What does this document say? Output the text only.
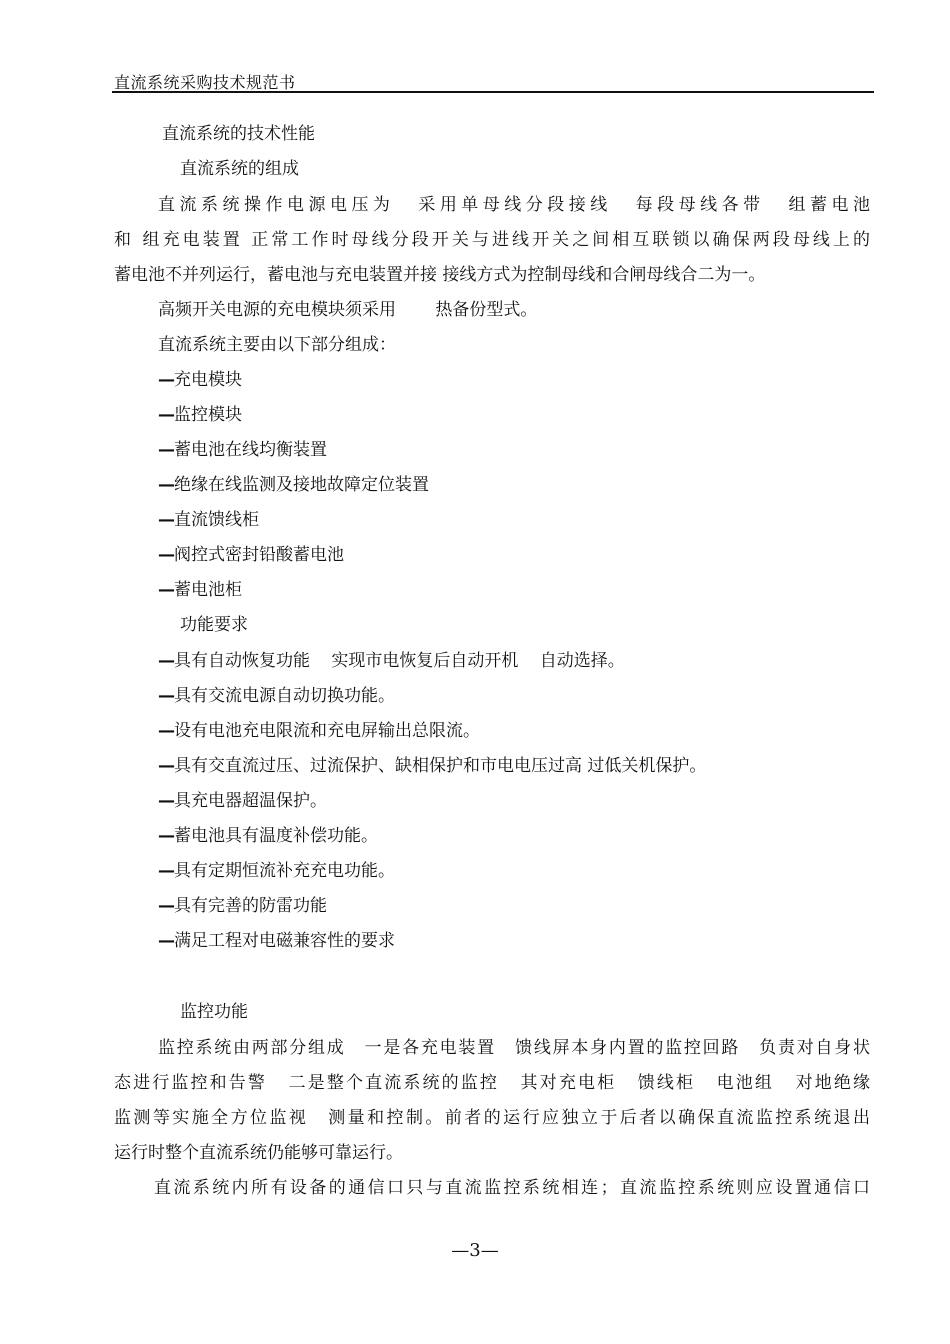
直流系统采购技术规范书
直流系统的技术性能
直流系统的组成
直流系统操作电源电压为 采用单母线分段接线 每段母线各带 组蓄电池
和 组充电装置 正常工作时母线分段开关与进线开关之间相互联锁以确保两段母线上的
蓄电池不并列运行，蓄电池与充电装置并接 接线方式为控制母线和合闸母线合二为一。
高频开关电源的充电模块须采用 热备份型式。
直流系统主要由以下部分组成：
—充电模块
—监控模块
—蓄电池在线均衡装置
—绝缘在线监测及接地故障定位装置
—直流馈线柜
—阀控式密封铅酸蓄电池
—蓄电池柜
功能要求
—具有自动恢复功能 实现市电恢复后自动开机 自动选择。
—具有交流电源自动切换功能。
—设有电池充电限流和充电屏输出总限流。
—具有交直流过压、过流保护、缺相保护和市电电压过高 过低关机保护。
—具充电器超温保护。
—蓄电池具有温度补偿功能。
—具有定期恒流补充充电功能。
—具有完善的防雷功能
—满足工程对电磁兼容性的要求
监控功能
监控系统由两部分组成 一是各充电装置 馈线屏本身内置的监控回路 负责对自身状
态进行监控和告警 二是整个直流系统的监控 其对充电柜 馈线柜 电池组 对地绝缘
监测等实施全方位监视 测量和控制。前者的运行应独立于后者以确保直流监控系统退出
运行时整个直流系统仍能够可靠运行。
直流系统内所有设备的通信口只与直流监控系统相连；直流监控系统则应设置通信口
—3—
